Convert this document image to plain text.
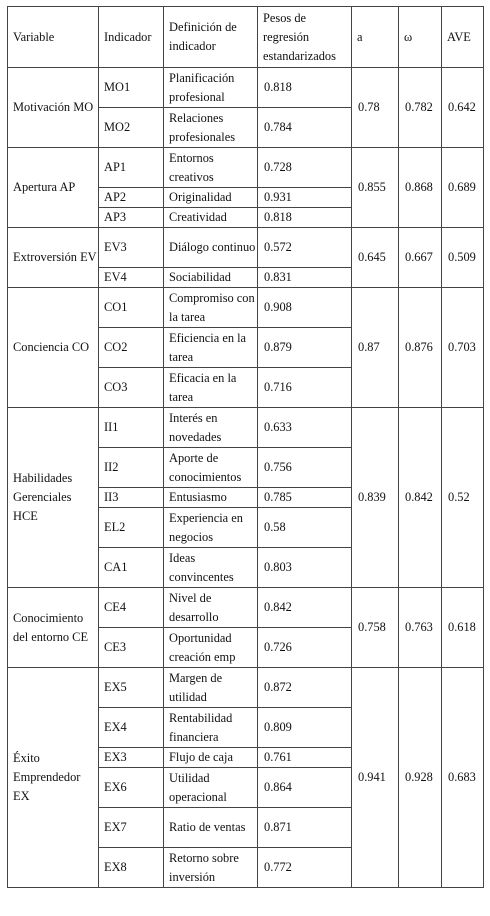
Variable	Indicador	Definición de indicador	Pesos de regresión estandarizados	a	ω	AVE
Motivación MO	MO1	Planificación profesional	0.818	0.78	0.782	0.642
	MO2	Relaciones profesionales	0.784			
Apertura AP	AP1	Entornos creativos	0.728	0.855	0.868	0.689
	AP2	Originalidad	0.931			
	AP3	Creatividad	0.818			
Extroversión EV	EV3	Diálogo continuo	0.572	0.645	0.667	0.509
	EV4	Sociabilidad	0.831			
Conciencia CO	CO1	Compromiso con la tarea	0.908	0.87	0.876	0.703
	CO2	Eficiencia en la tarea	0.879			
	CO3	Eficacia en la tarea	0.716			
Habilidades Gerenciales HCE	II1	Interés en novedades	0.633	0.839	0.842	0.52
	II2	Aporte de conocimientos	0.756			
	II3	Entusiasmo	0.785			
	EL2	Experiencia en negocios	0.58			
	CA1	Ideas convincentes	0.803			
Conocimiento del entorno CE	CE4	Nivel de desarrollo	0.842	0.758	0.763	0.618
	CE3	Oportunidad creación emp	0.726			
Éxito Emprendedor EX	EX5	Margen de utilidad	0.872	0.941	0.928	0.683
	EX4	Rentabilidad financiera	0.809			
	EX3	Flujo de caja	0.761			
	EX6	Utilidad operacional	0.864			
	EX7	Ratio de ventas	0.871			
	EX8	Retorno sobre inversión	0.772			
